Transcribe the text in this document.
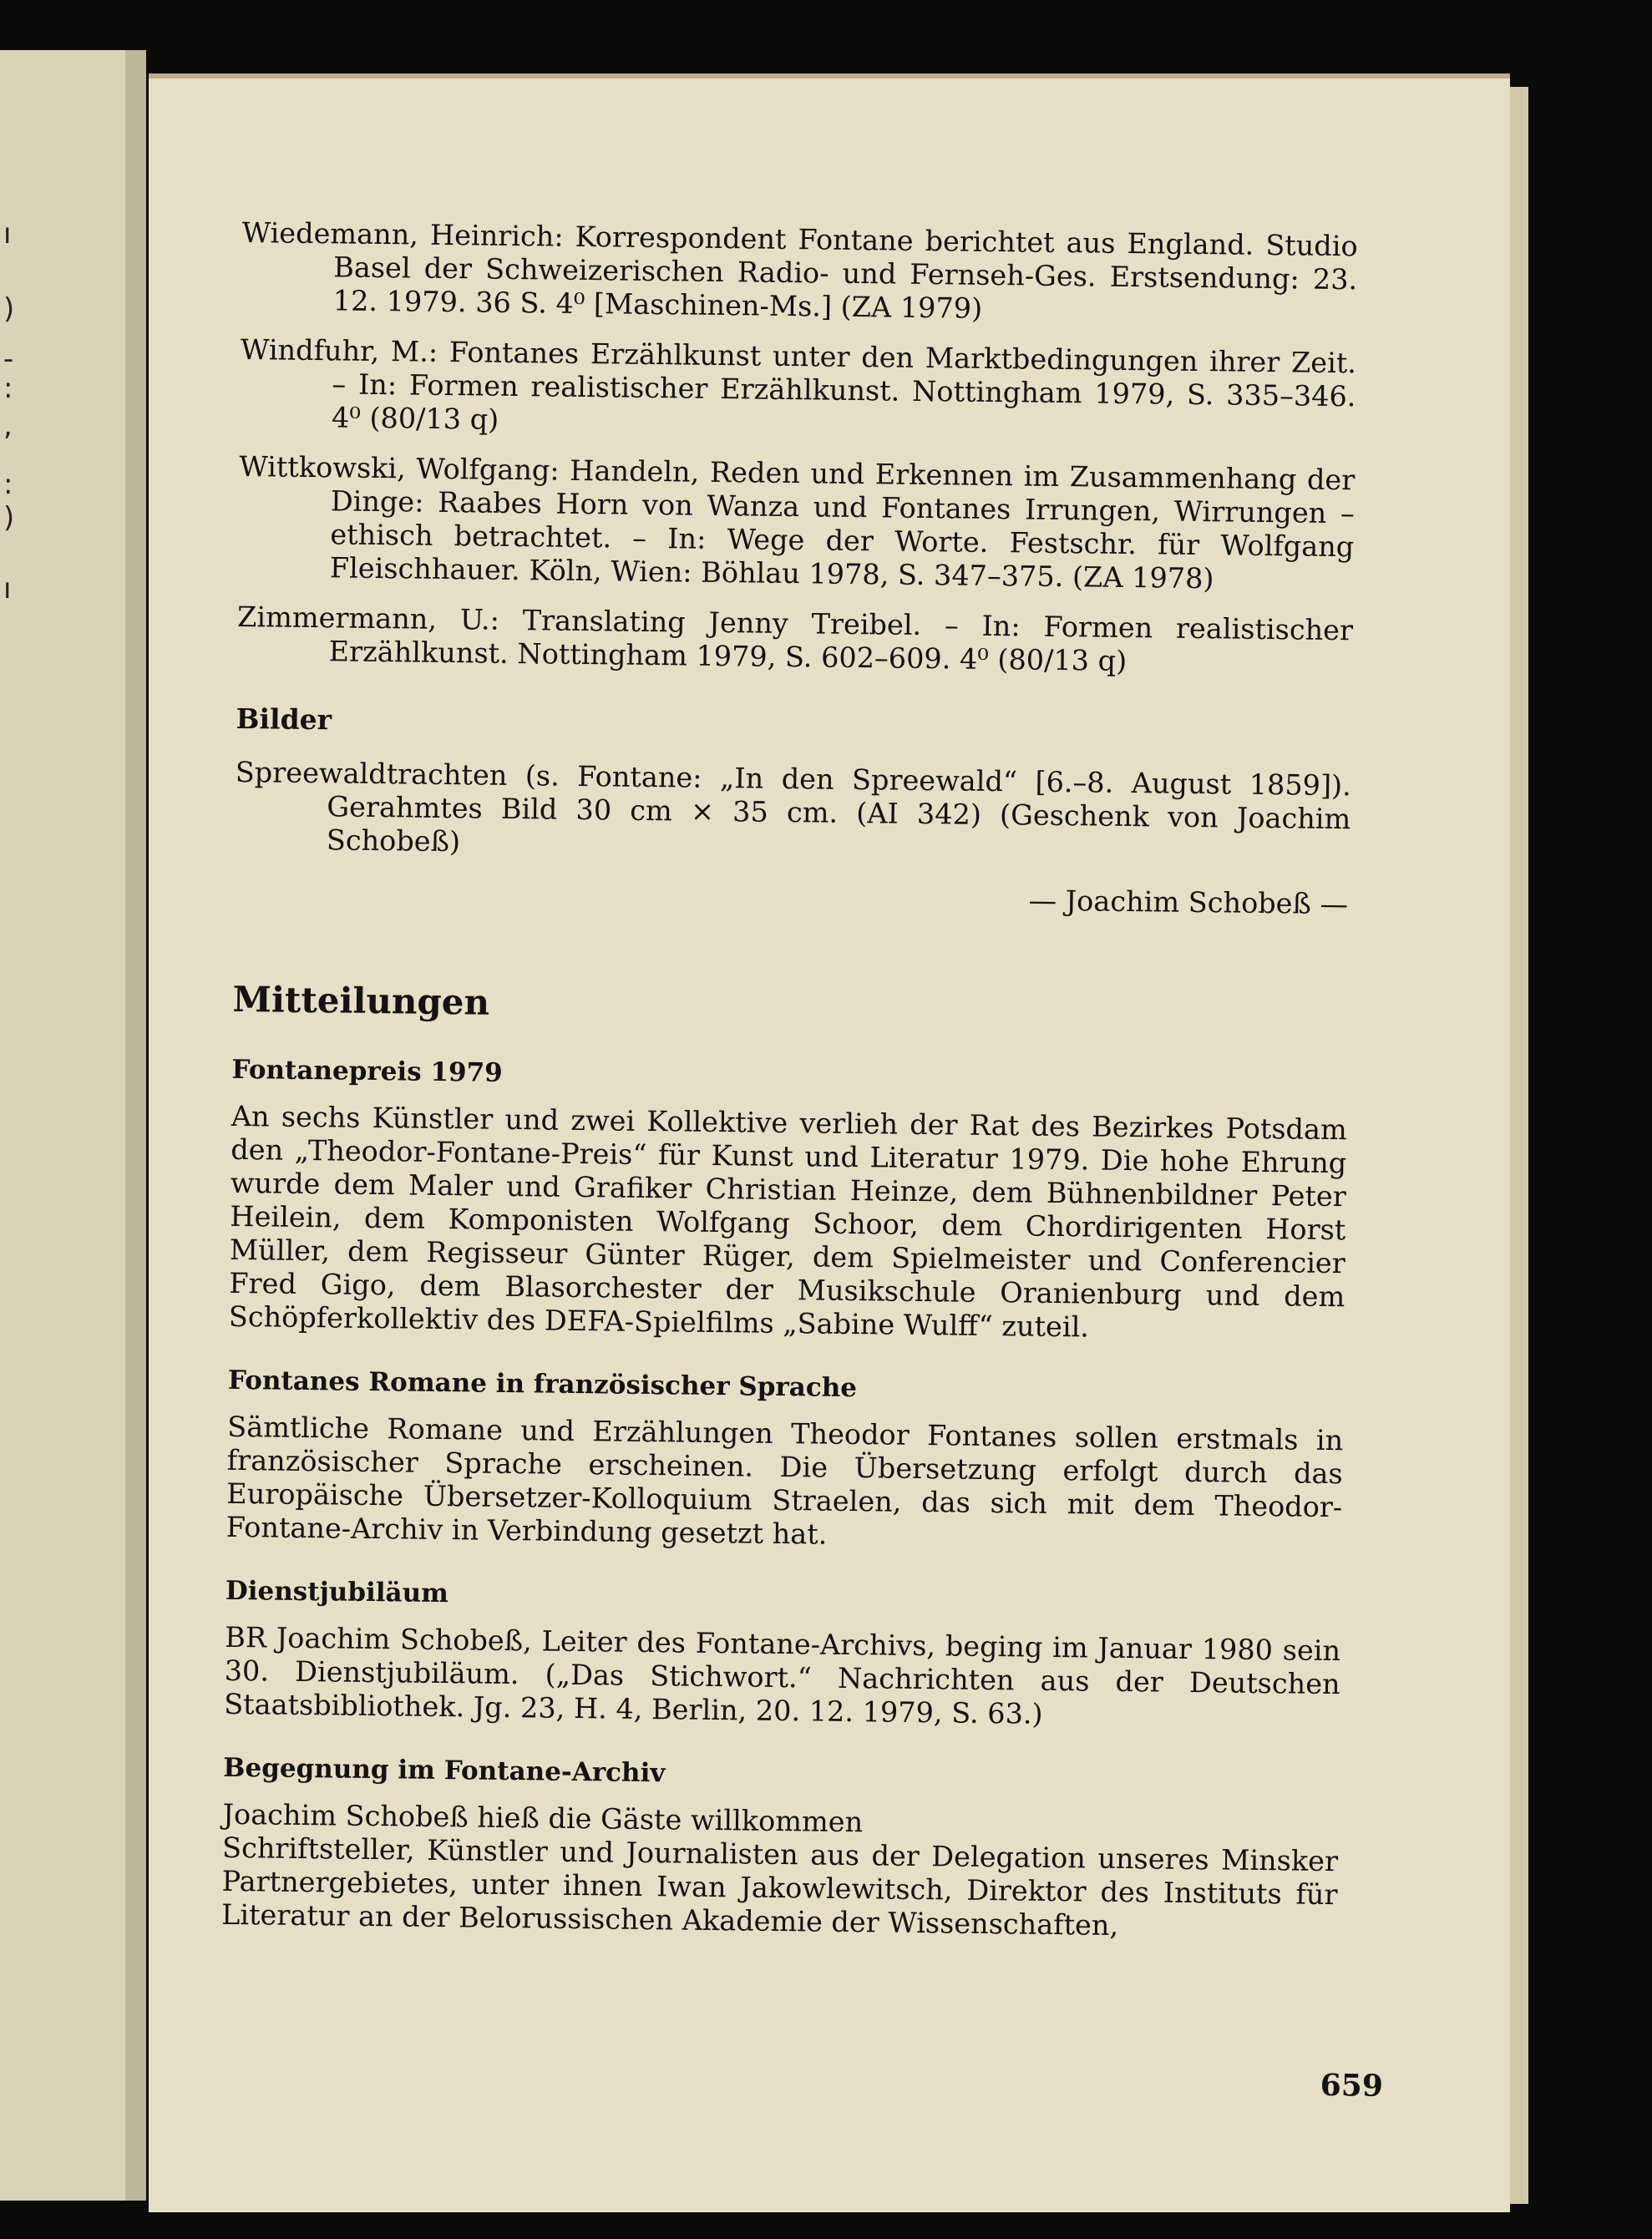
ı
)
-
:
,
:
)
ı

Wiedemann, Heinrich: Korrespondent Fontane berichtet aus England. Studio Basel der Schweizerischen Radio- und Fernseh-Ges. Erstsendung: 23. 12. 1979. 36 S. 4⁰ [Maschinen-Ms.] (ZA 1979)

Windfuhr, M.: Fontanes Erzählkunst unter den Marktbedingungen ihrer Zeit. – In: Formen realistischer Erzählkunst. Nottingham 1979, S. 335–346. 4⁰ (80/13 q)

Wittkowski, Wolfgang: Handeln, Reden und Erkennen im Zusammenhang der Dinge: Raabes Horn von Wanza und Fontanes Irrungen, Wirrungen – ethisch betrachtet. – In: Wege der Worte. Festschr. für Wolfgang Fleischhauer. Köln, Wien: Böhlau 1978, S. 347–375. (ZA 1978)

Zimmermann, U.: Translating Jenny Treibel. – In: Formen realistischer Erzählkunst. Nottingham 1979, S. 602–609. 4⁰ (80/13 q)

Bilder

Spreewaldtrachten (s. Fontane: „In den Spreewald“ [6.–8. August 1859]). Gerahmtes Bild 30 cm × 35 cm. (AI 342) (Geschenk von Joachim Schobeß)

— Joachim Schobeß —

Mitteilungen

Fontanepreis 1979

An sechs Künstler und zwei Kollektive verlieh der Rat des Bezirkes Potsdam den „Theodor-Fontane-Preis“ für Kunst und Literatur 1979. Die hohe Ehrung wurde dem Maler und Grafiker Christian Heinze, dem Bühnenbildner Peter Heilein, dem Komponisten Wolfgang Schoor, dem Chordirigenten Horst Müller, dem Regisseur Günter Rüger, dem Spielmeister und Conferencier Fred Gigo, dem Blasorchester der Musikschule Oranienburg und dem Schöpferkollektiv des DEFA-Spielfilms „Sabine Wulff“ zuteil.

Fontanes Romane in französischer Sprache

Sämtliche Romane und Erzählungen Theodor Fontanes sollen erstmals in französischer Sprache erscheinen. Die Übersetzung erfolgt durch das Europäische Übersetzer-Kolloquium Straelen, das sich mit dem Theodor-Fontane-Archiv in Verbindung gesetzt hat.

Dienstjubiläum

BR Joachim Schobeß, Leiter des Fontane-Archivs, beging im Januar 1980 sein 30. Dienstjubiläum. („Das Stichwort.“ Nachrichten aus der Deutschen Staatsbibliothek. Jg. 23, H. 4, Berlin, 20. 12. 1979, S. 63.)

Begegnung im Fontane-Archiv

Joachim Schobeß hieß die Gäste willkommen

Schriftsteller, Künstler und Journalisten aus der Delegation unseres Minsker Partnergebietes, unter ihnen Iwan Jakowlewitsch, Direktor des Instituts für Literatur an der Belorussischen Akademie der Wissenschaften,

659
